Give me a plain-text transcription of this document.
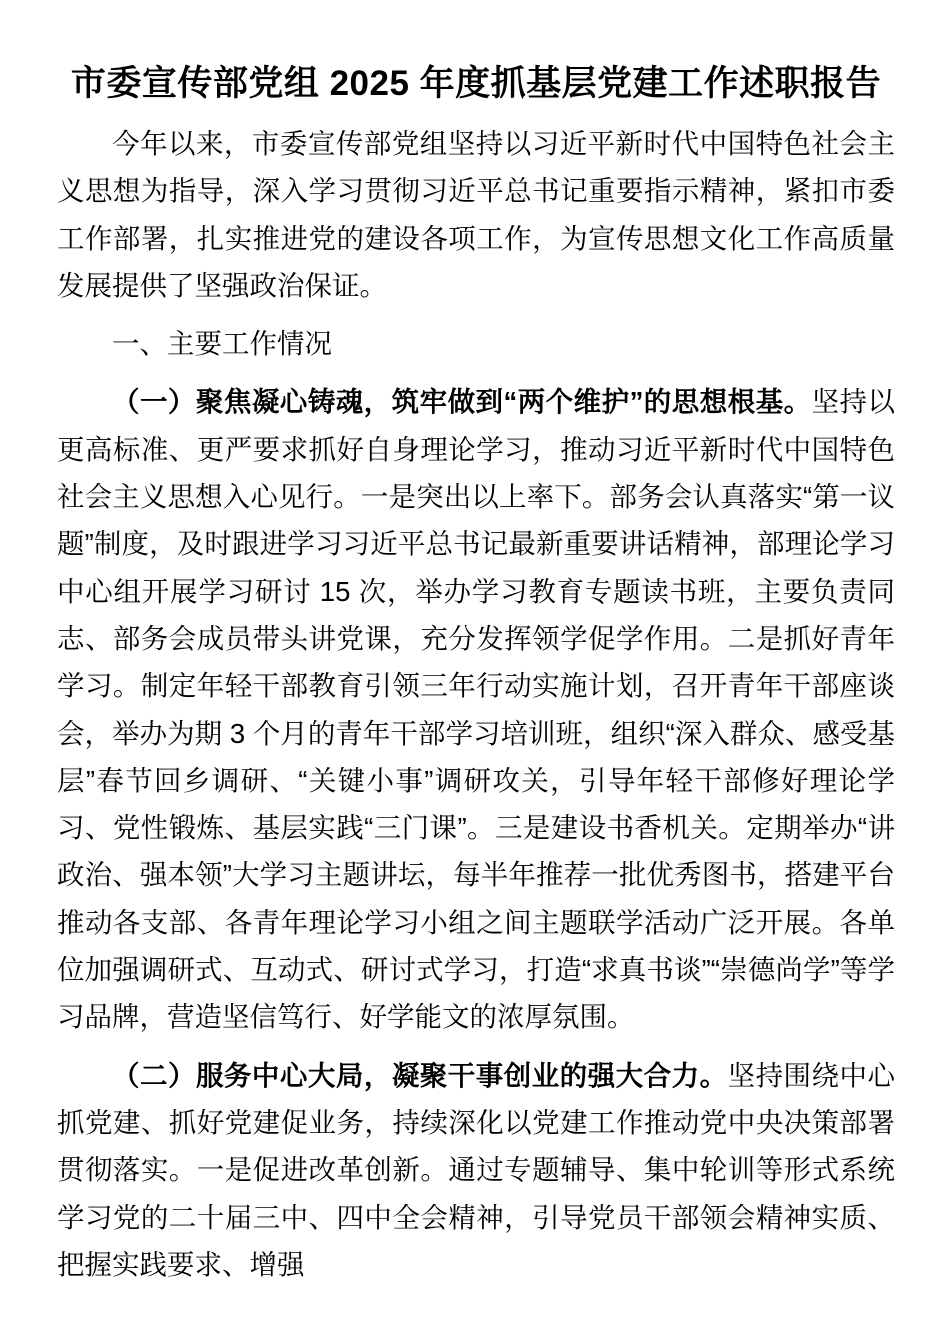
市委宣传部党组 2025 年度抓基层党建工作述职报告

今年以来，市委宣传部党组坚持以习近平新时代中国特色社会主义思想为指导，深入学习贯彻习近平总书记重要指示精神，紧扣市委工作部署，扎实推进党的建设各项工作，为宣传思想文化工作高质量发展提供了坚强政治保证。

一、主要工作情况

（一）聚焦凝心铸魂，筑牢做到“两个维护”的思想根基。坚持以更高标准、更严要求抓好自身理论学习，推动习近平新时代中国特色社会主义思想入心见行。一是突出以上率下。部务会认真落实“第一议题”制度，及时跟进学习习近平总书记最新重要讲话精神，部理论学习中心组开展学习研讨 15 次，举办学习教育专题读书班，主要负责同志、部务会成员带头讲党课，充分发挥领学促学作用。二是抓好青年学习。制定年轻干部教育引领三年行动实施计划，召开青年干部座谈会，举办为期 3 个月的青年干部学习培训班，组织“深入群众、感受基层”春节回乡调研、“关键小事”调研攻关，引导年轻干部修好理论学习、党性锻炼、基层实践“三门课”。三是建设书香机关。定期举办“讲政治、强本领”大学习主题讲坛，每半年推荐一批优秀图书，搭建平台推动各支部、各青年理论学习小组之间主题联学活动广泛开展。各单位加强调研式、互动式、研讨式学习，打造“求真书谈”“崇德尚学”等学习品牌，营造坚信笃行、好学能文的浓厚氛围。

（二）服务中心大局，凝聚干事创业的强大合力。坚持围绕中心抓党建、抓好党建促业务，持续深化以党建工作推动党中央决策部署贯彻落实。一是促进改革创新。通过专题辅导、集中轮训等形式系统学习党的二十届三中、四中全会精神，引导党员干部领会精神实质、把握实践要求、增强
